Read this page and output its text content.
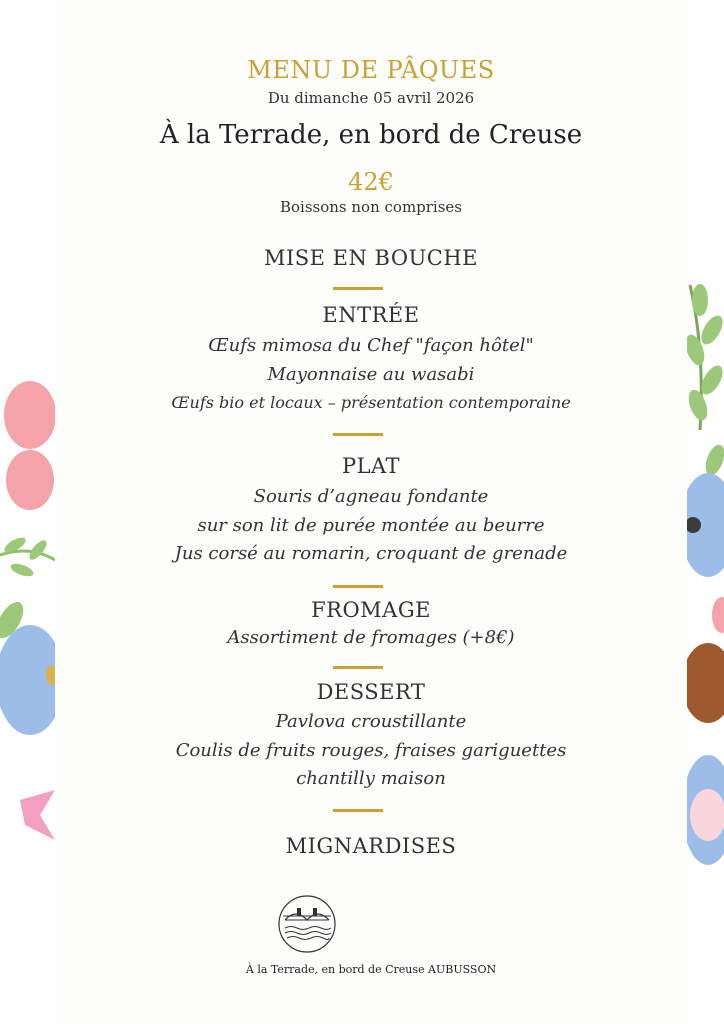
MENU DE PÂQUES
Du dimanche 05 avril 2026
À la Terrade, en bord de Creuse
42€
Boissons non comprises
MISE EN BOUCHE
ENTRÉE
Œufs mimosa du Chef "façon hôtel"
Mayonnaise au wasabi
Œufs bio et locaux – présentation contemporaine
PLAT
Souris d’agneau fondante
sur son lit de purée montée au beurre
Jus corsé au romarin, croquant de grenade
FROMAGE
Assortiment de fromages (+8€)
DESSERT
Pavlova croustillante
Coulis de fruits rouges, fraises gariguettes
chantilly maison
MIGNARDISES
À la Terrade, en bord de Creuse AUBUSSON
